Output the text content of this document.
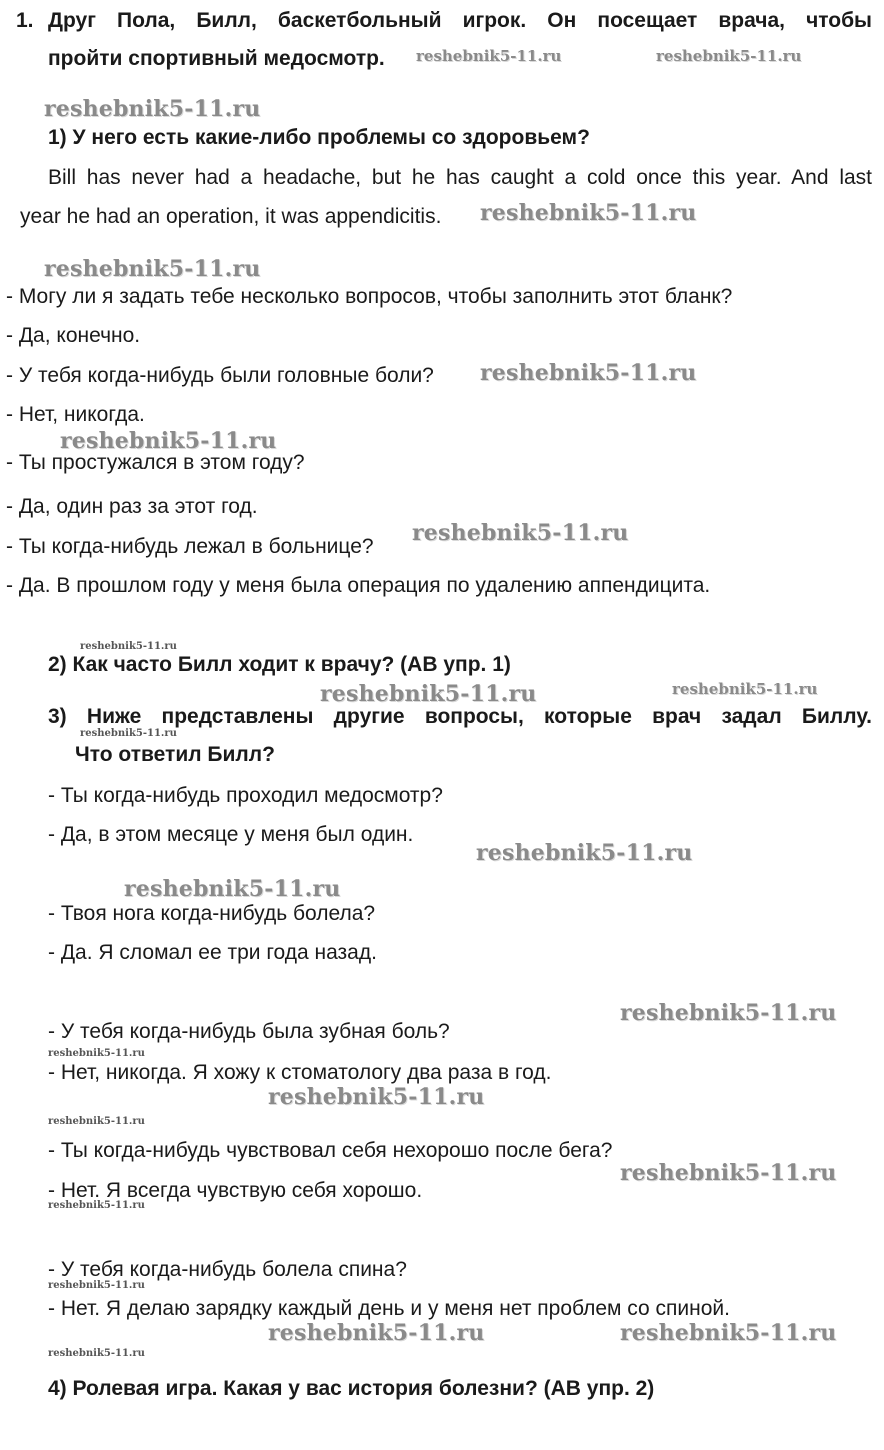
1. Друг Пола, Билл, баскетбольный игрок. Он посещает врача, чтобы
пройти спортивный медосмотр.
1) У него есть какие-либо проблемы со здоровьем?
Bill has never had a headache, but he has caught a cold once this year. And last
year he had an operation, it was appendicitis.
- Могу ли я задать тебе несколько вопросов, чтобы заполнить этот бланк?
- Да, конечно.
- У тебя когда-нибудь были головные боли?
- Нет, никогда.
- Ты простужался в этом году?
- Да, один раз за этот год.
- Ты когда-нибудь лежал в больнице?
- Да. В прошлом году у меня была операция по удалению аппендицита.
2) Как часто Билл ходит к врачу? (АВ упр. 1)
3) Ниже представлены другие вопросы, которые врач задал Биллу.
Что ответил Билл?
- Ты когда-нибудь проходил медосмотр?
- Да, в этом месяце у меня был один.
- Твоя нога когда-нибудь болела?
- Да. Я сломал ее три года назад.
- У тебя когда-нибудь была зубная боль?
- Нет, никогда. Я хожу к стоматологу два раза в год.
- Ты когда-нибудь чувствовал себя нехорошо после бега?
- Нет. Я всегда чувствую себя хорошо.
- У тебя когда-нибудь болела спина?
- Нет. Я делаю зарядку каждый день и у меня нет проблем со спиной.
4) Ролевая игра. Какая у вас история болезни? (АВ упр. 2)
reshebnik5-11.ru	reshebnik5-11.ru
reshebnik5-11.ru
reshebnik5-11.ru
reshebnik5-11.ru
reshebnik5-11.ru
reshebnik5-11.ru
reshebnik5-11.ru
reshebnik5-11.ru
reshebnik5-11.ru	reshebnik5-11.ru
reshebnik5-11.ru
reshebnik5-11.ru
reshebnik5-11.ru
reshebnik5-11.ru
reshebnik5-11.ru
reshebnik5-11.ru
reshebnik5-11.ru
reshebnik5-11.ru
reshebnik5-11.ru
reshebnik5-11.ru
reshebnik5-11.ru	reshebnik5-11.ru
reshebnik5-11.ru
